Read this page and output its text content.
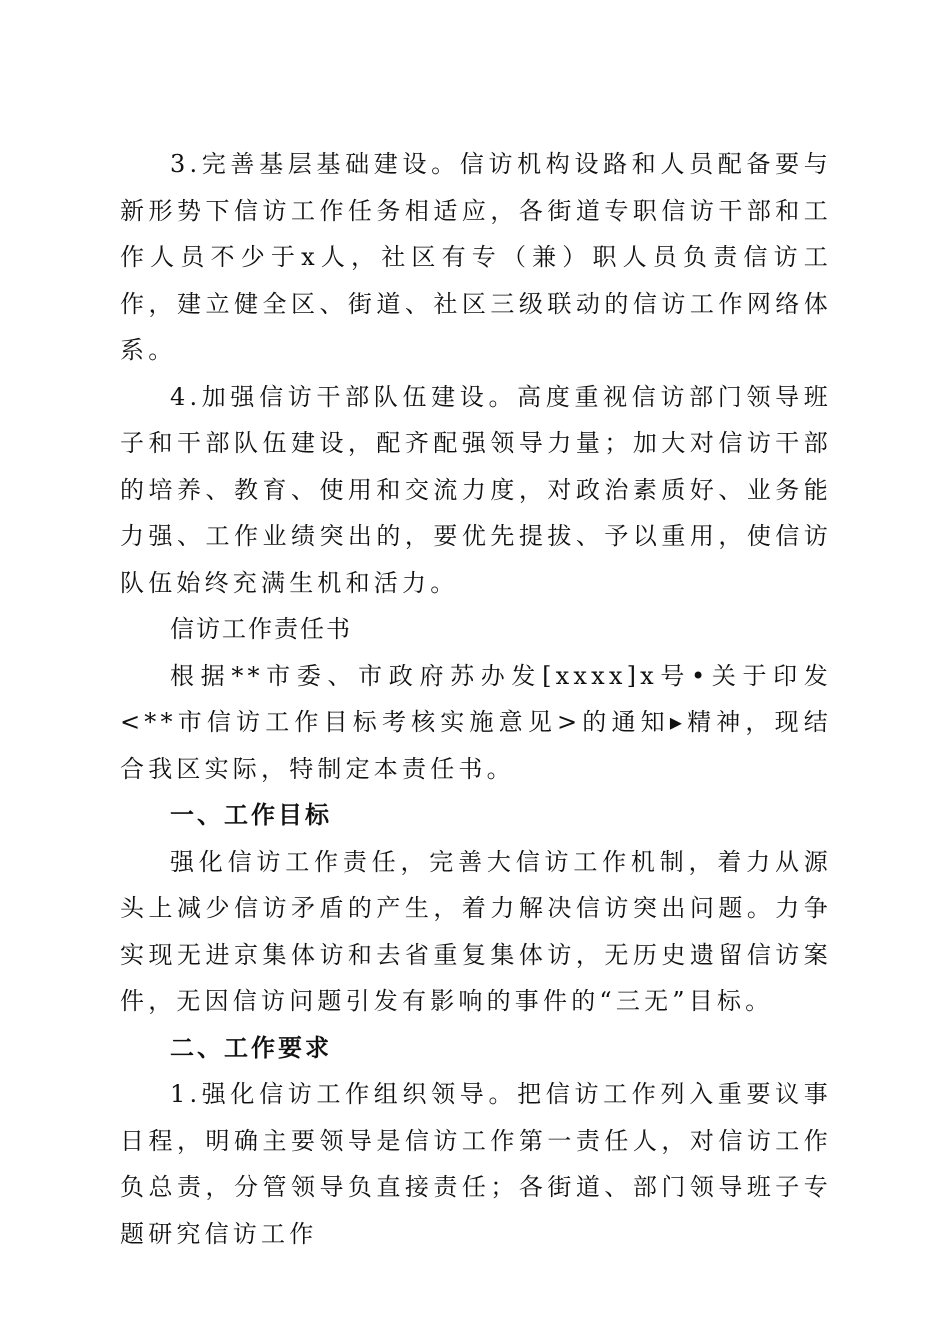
3.完善基层基础建设。信访机构设路和人员配备要与新形势下信访工作任务相适应，各街道专职信访干部和工作人员不少于x人，社区有专（兼）职人员负责信访工作，建立健全区、街道、社区三级联动的信访工作网络体系。

4.加强信访干部队伍建设。高度重视信访部门领导班子和干部队伍建设，配齐配强领导力量；加大对信访干部的培养、教育、使用和交流力度，对政治素质好、业务能力强、工作业绩突出的，要优先提拔、予以重用，使信访队伍始终充满生机和活力。

信访工作责任书

根据**市委、市政府苏办发[xxxx]x号•关于印发<**市信访工作目标考核实施意见>的通知▸精神，现结合我区实际，特制定本责任书。

一、工作目标

强化信访工作责任，完善大信访工作机制，着力从源头上减少信访矛盾的产生，着力解决信访突出问题。力争实现无进京集体访和去省重复集体访，无历史遗留信访案件，无因信访问题引发有影响的事件的“三无”目标。

二、工作要求

1.强化信访工作组织领导。把信访工作列入重要议事日程，明确主要领导是信访工作第一责任人，对信访工作负总责，分管领导负直接责任；各街道、部门领导班子专题研究信访工作
